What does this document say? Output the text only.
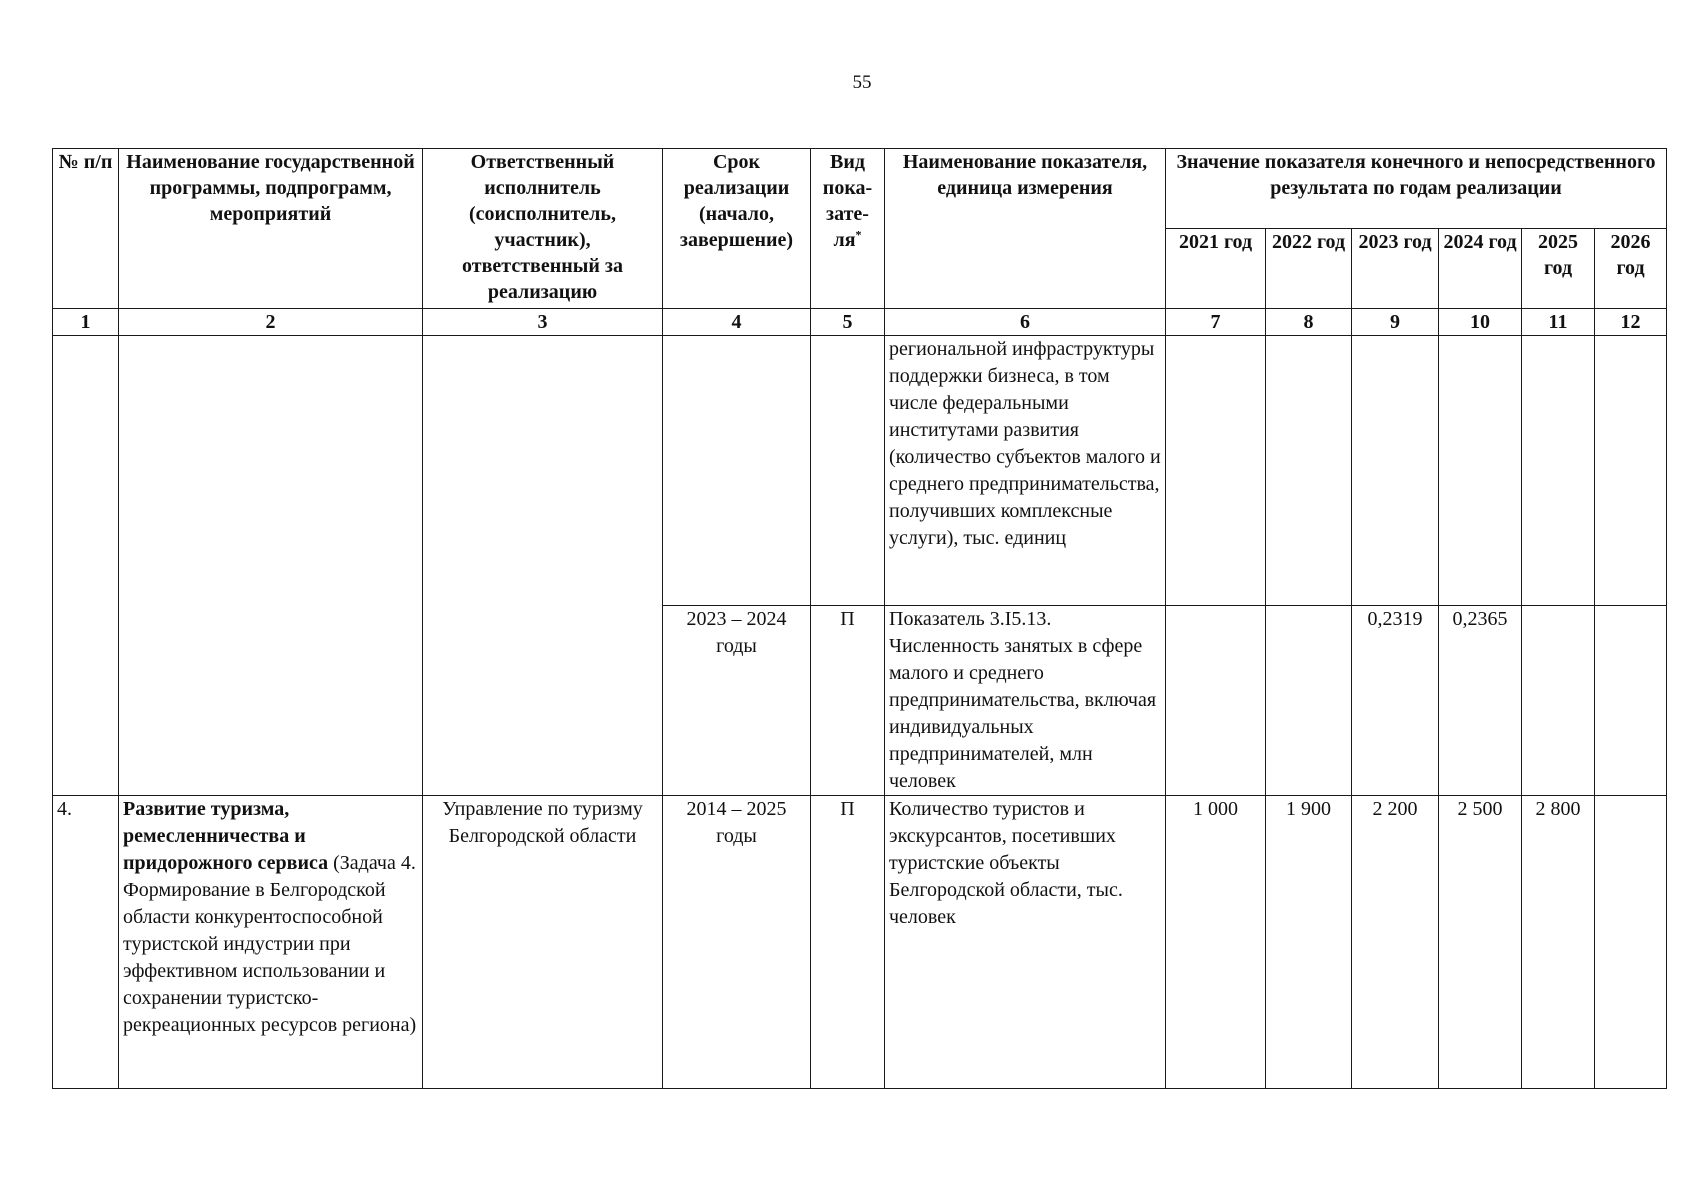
55
№ п/п	Наименование государственной программы, подпрограмм, мероприятий	Ответственный исполнитель (соисполнитель, участник), ответственный за реализацию	Срок реализации (начало, завершение)	Вид пока-зате-ля*	Наименование показателя, единица измерения	Значение показателя конечного и непосредственного результата по годам реализации					
						2021 год	2022 год	2023 год	2024 год	2025 год	2026 год
1	2	3	4	5	6	7	8	9	10	11	12
					региональной инфраструктуры поддержки бизнеса, в том числе федеральными институтами развития (количество субъектов малого и среднего предпринимательства, получивших комплексные услуги), тыс. единиц						
			2023 – 2024 годы	П	Показатель 3.I5.13. Численность занятых в сфере малого и среднего предпринимательства, включая индивидуальных предпринимателей, млн человек			0,2319	0,2365		
4.	Развитие туризма, ремесленничества и придорожного сервиса (Задача 4. Формирование в Белгородской области конкурентоспособной туристской индустрии при эффективном использовании и сохранении туристско-рекреационных ресурсов региона)	Управление по туризму Белгородской области	2014 – 2025 годы	П	Количество туристов и экскурсантов, посетивших туристские объекты Белгородской области, тыс. человек	1 000	1 900	2 200	2 500	2 800	
